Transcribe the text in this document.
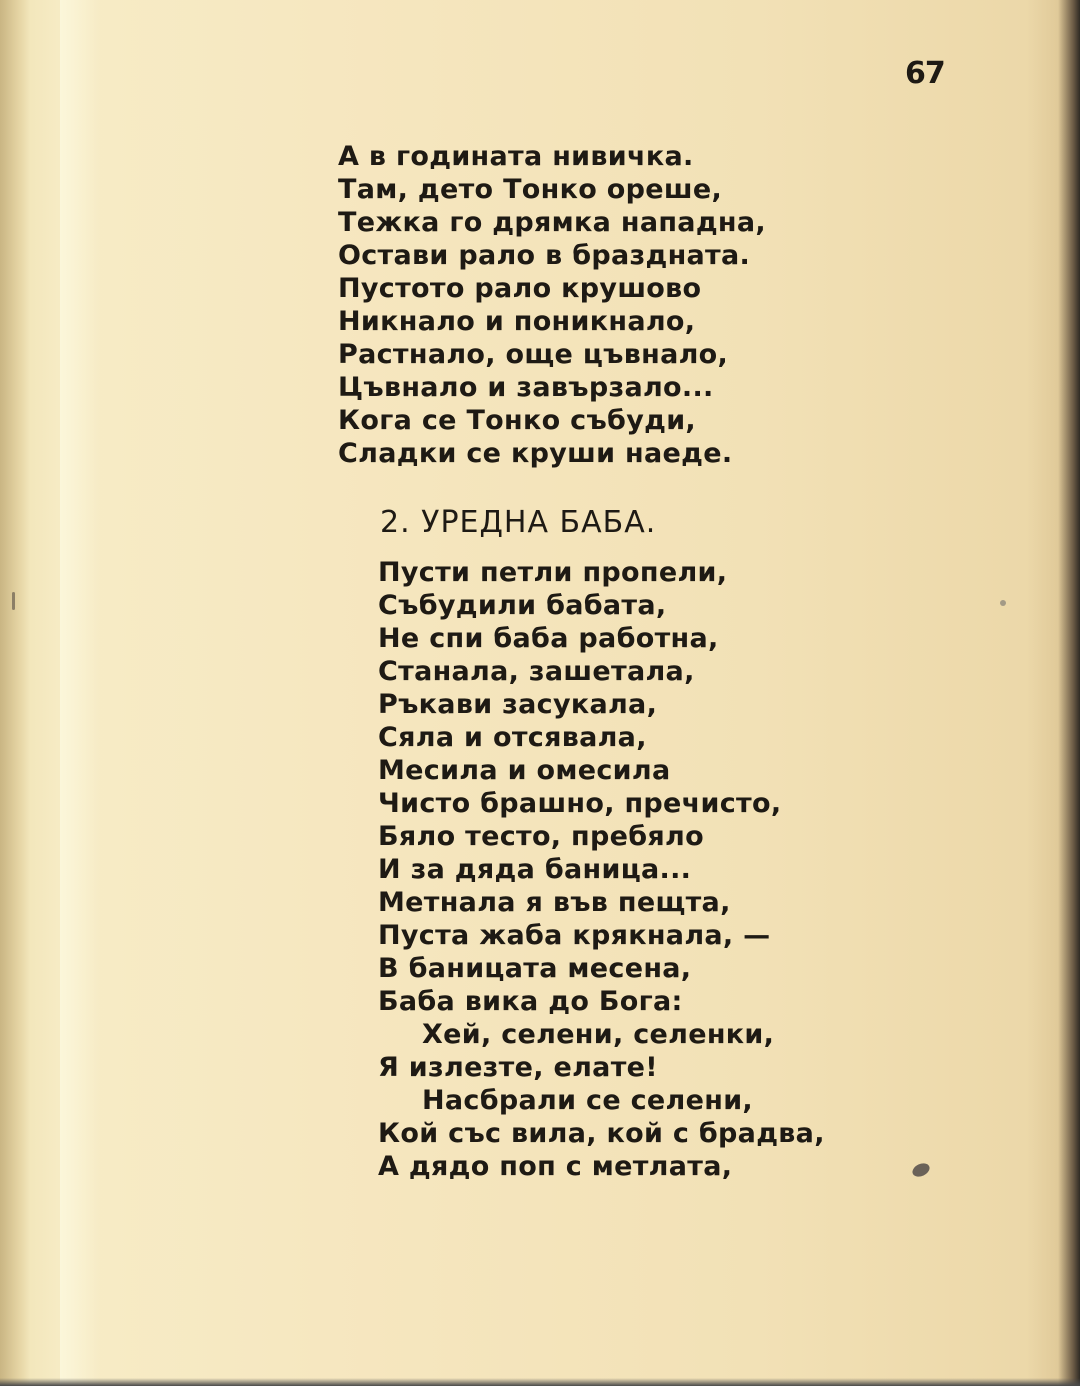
67
А в годината нивичка.
Там, дето Тонко ореше,
Тежка го дрямка нападна,
Остави рало в браздната.
Пустото рало крушово
Никнало и поникнало,
Растнало, още цъвнало,
Цъвнало и завързало...
Кога се Тонко събуди,
Сладки се круши наеде.
2. УРЕДНА БАБА.
Пусти петли пропели,
Събудили бабата,
Не спи баба работна,
Станала, зашетала,
Ръкави засукала,
Сяла и отсявала,
Месила и омесила
Чисто брашно, пречисто,
Бяло тесто, пребяло
И за дяда баница...
Метнала я във пещта,
Пуста жаба крякнала, —
В баницата месена,
Баба вика до Бога:
Хей, селени, селенки,
Я излезте, елате!
Насбрали се селени,
Кой със вила, кой с брадва,
А дядо поп с метлата,
